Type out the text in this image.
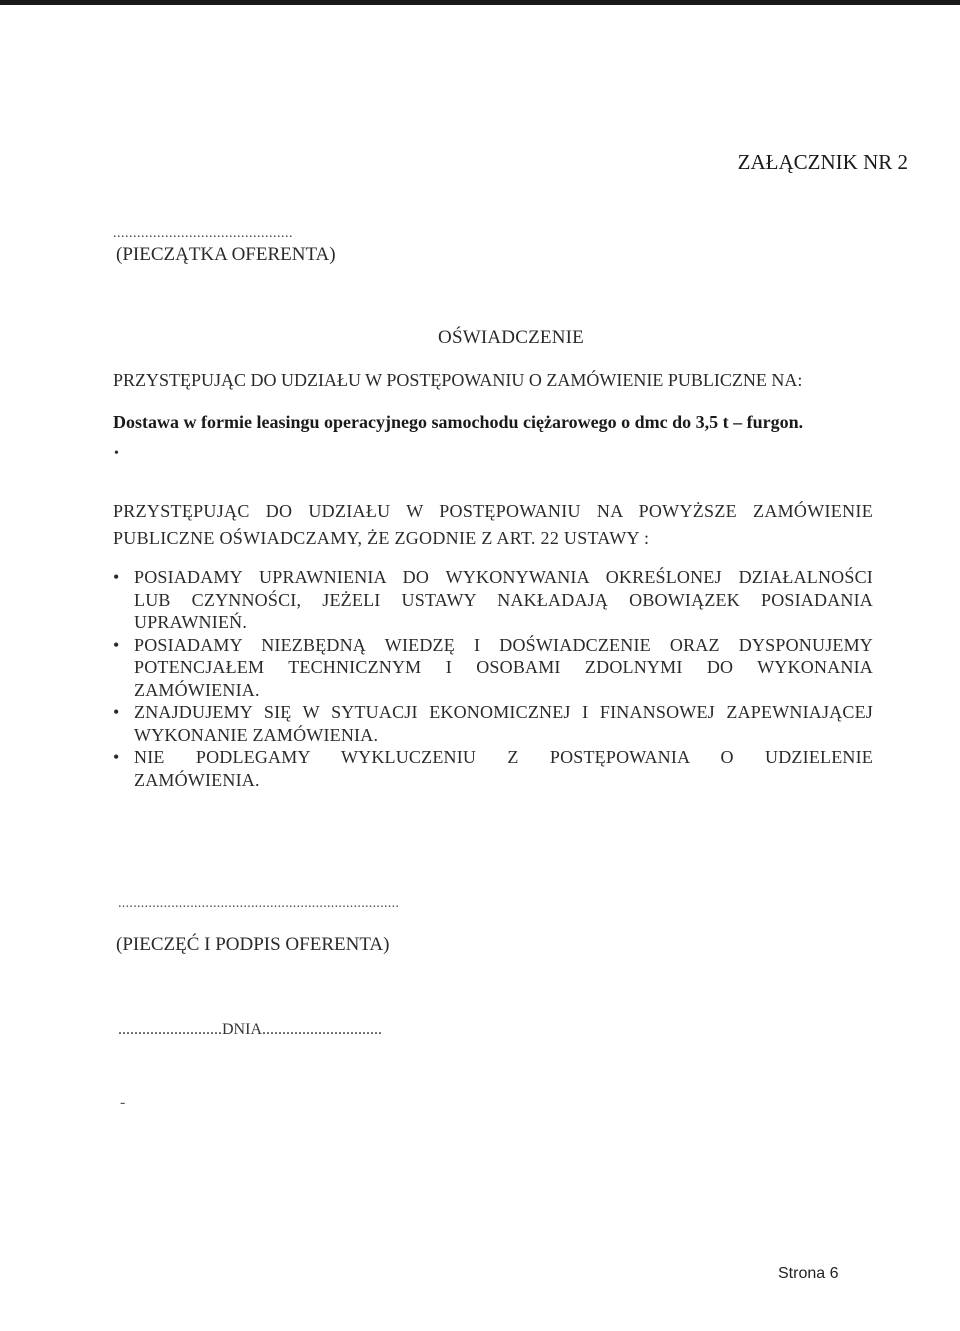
ZAŁĄCZNIK NR 2
.............................................
(PIECZĄTKA OFERENTA)
OŚWIADCZENIE
PRZYSTĘPUJĄC DO UDZIAŁU W POSTĘPOWANIU O ZAMÓWIENIE PUBLICZNE NA:
Dostawa w formie leasingu operacyjnego samochodu ciężarowego o dmc do 3,5 t – furgon.
•
PRZYSTĘPUJĄC DO UDZIAŁU W POSTĘPOWANIU NA POWYŻSZE ZAMÓWIENIE
PUBLICZNE OŚWIADCZAMY, ŻE ZGODNIE Z ART. 22 USTAWY :
• POSIADAMY UPRAWNIENIA DO WYKONYWANIA OKREŚLONEJ DZIAŁALNOŚCI
LUB CZYNNOŚCI, JEŻELI USTAWY NAKŁADAJĄ OBOWIĄZEK POSIADANIA
UPRAWNIEŃ.
• POSIADAMY NIEZBĘDNĄ WIEDZĘ I DOŚWIADCZENIE ORAZ DYSPONUJEMY
POTENCJAŁEM TECHNICZNYM I OSOBAMI ZDOLNYMI DO WYKONANIA
ZAMÓWIENIA.
• ZNAJDUJEMY SIĘ W SYTUACJI EKONOMICZNEJ I FINANSOWEJ ZAPEWNIAJĄCEJ
WYKONANIE ZAMÓWIENIA.
• NIE PODLEGAMY WYKLUCZENIU Z POSTĘPOWANIA O UDZIELENIE
ZAMÓWIENIA.
..........................................................................
(PIECZĘĆ I PODPIS OFERENTA)
..........................DNIA..............................
-
Strona 6
